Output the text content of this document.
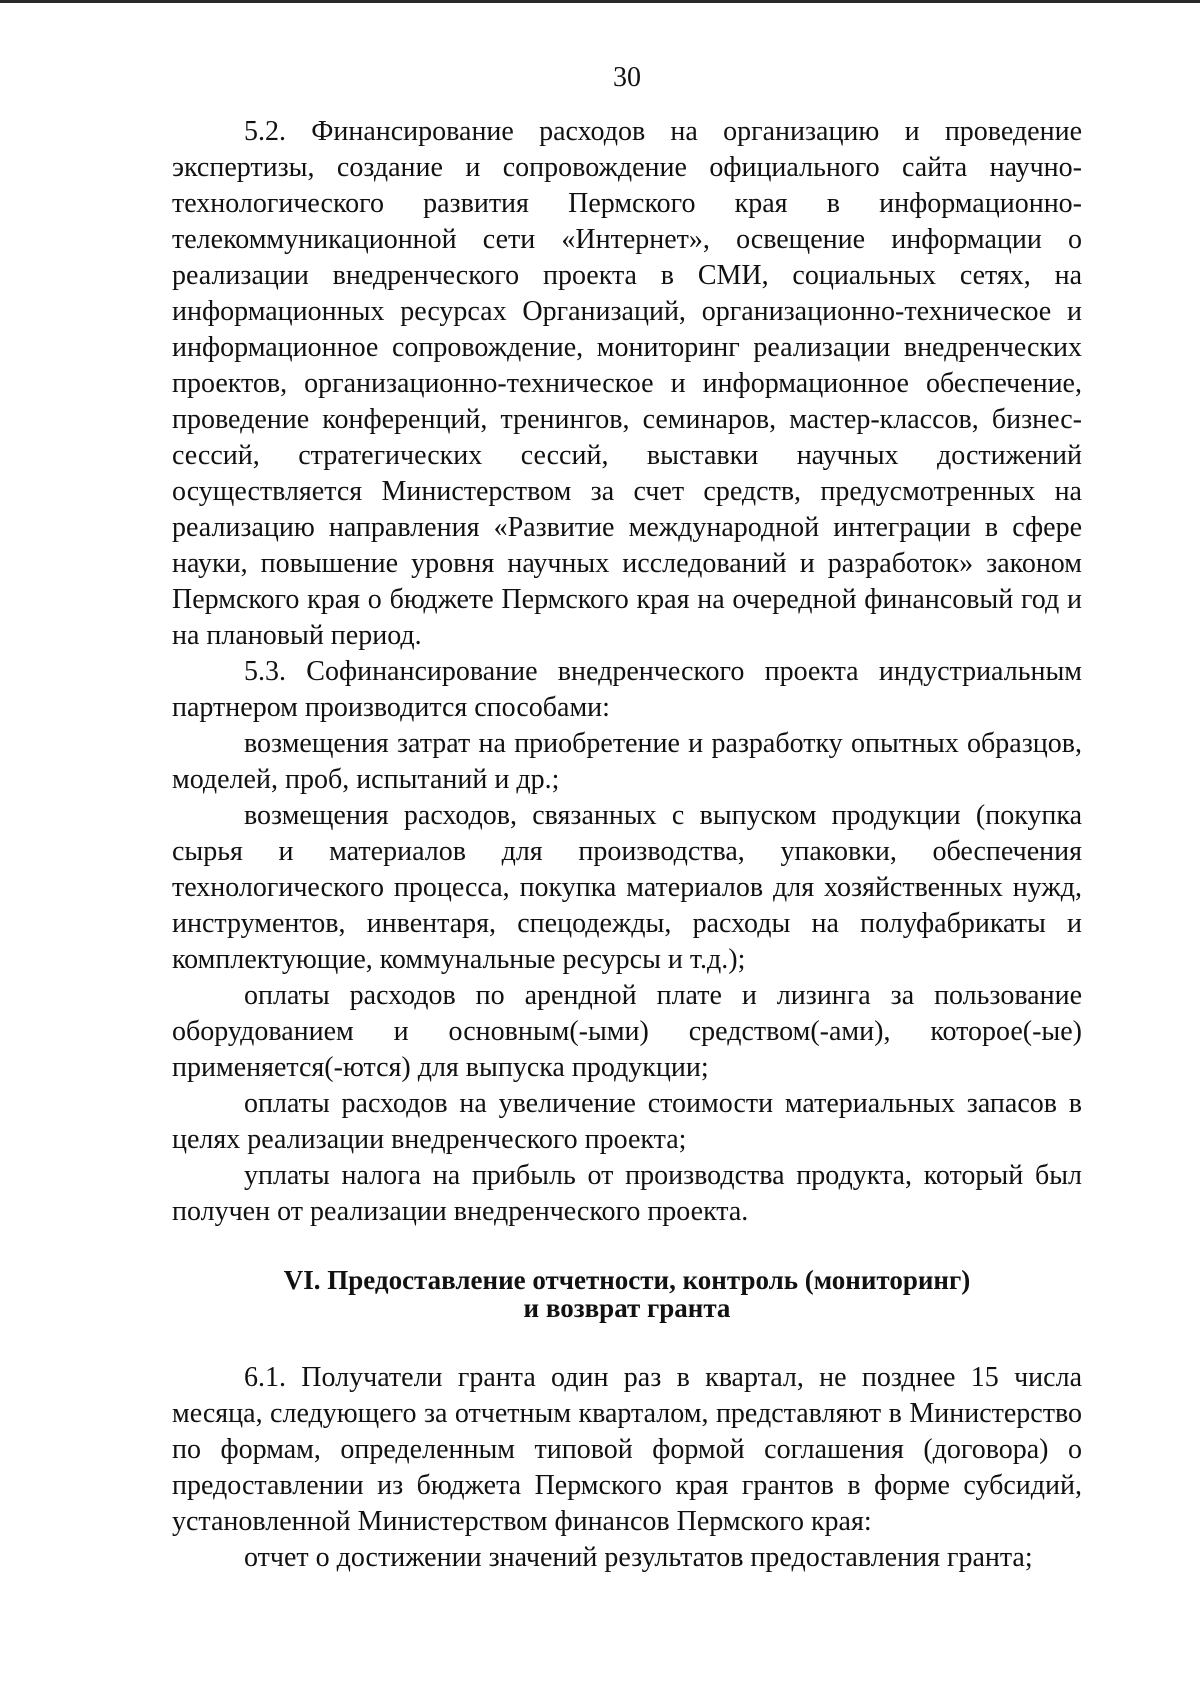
30

5.2. Финансирование расходов на организацию и проведение экспертизы, создание и сопровождение официального сайта научно-технологического развития Пермского края в информационно-телекоммуникационной сети «Интернет», освещение информации о реализации внедренческого проекта в СМИ, социальных сетях, на информационных ресурсах Организаций, организационно-техническое и информационное сопровождение, мониторинг реализации внедренческих проектов, организационно-техническое и информационное обеспечение, проведение конференций, тренингов, семинаров, мастер-классов, бизнес-сессий, стратегических сессий, выставки научных достижений осуществляется Министерством за счет средств, предусмотренных на реализацию направления «Развитие международной интеграции в сфере науки, повышение уровня научных исследований и разработок» законом Пермского края о бюджете Пермского края на очередной финансовый год и на плановый период.

5.3. Софинансирование внедренческого проекта индустриальным партнером производится способами:

возмещения затрат на приобретение и разработку опытных образцов, моделей, проб, испытаний и др.;

возмещения расходов, связанных с выпуском продукции (покупка сырья и материалов для производства, упаковки, обеспечения технологического процесса, покупка материалов для хозяйственных нужд, инструментов, инвентаря, спецодежды, расходы на полуфабрикаты и комплектующие, коммунальные ресурсы и т.д.);

оплаты расходов по арендной плате и лизинга за пользование оборудованием и основным(-ыми) средством(-ами), которое(-ые) применяется(-ются) для выпуска продукции;

оплаты расходов на увеличение стоимости материальных запасов в целях реализации внедренческого проекта;

уплаты налога на прибыль от производства продукта, который был получен от реализации внедренческого проекта.

VI. Предоставление отчетности, контроль (мониторинг)
и возврат гранта

6.1. Получатели гранта один раз в квартал, не позднее 15 числа месяца, следующего за отчетным кварталом, представляют в Министерство по формам, определенным типовой формой соглашения (договора) о предоставлении из бюджета Пермского края грантов в форме субсидий, установленной Министерством финансов Пермского края:

отчет о достижении значений результатов предоставления гранта;
